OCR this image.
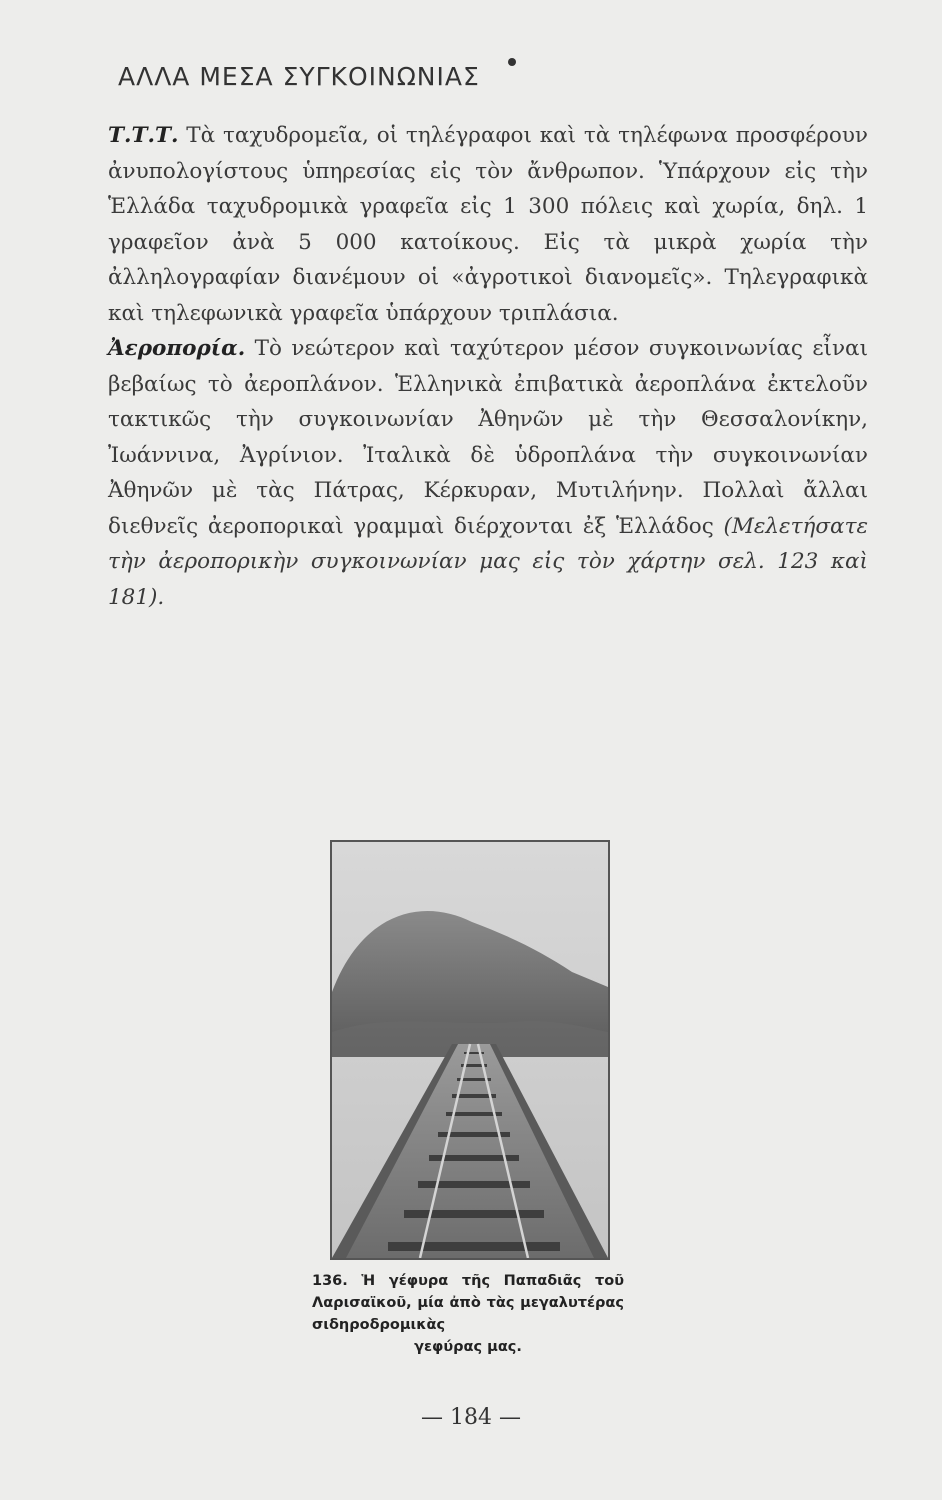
ΑΛΛΑ ΜΕΣΑ ΣΥΓΚΟΙΝΩΝΙΑΣ

Τ.Τ.Τ. Τὰ ταχυδρομεῖα, οἱ τηλέγραφοι καὶ τὰ τηλέφωνα προσφέρουν ἀνυπολογίστους ὑπηρεσίας εἰς τὸν ἄνθρωπον. Ὑπάρχουν εἰς τὴν Ἑλλάδα ταχυδρομικὰ γραφεῖα εἰς 1 300 πόλεις καὶ χωρία, δηλ. 1 γραφεῖον ἀνὰ 5 000 κατοίκους. Εἰς τὰ μικρὰ χωρία τὴν ἀλληλογραφίαν διανέμουν οἱ «ἀγροτικοὶ διανομεῖς». Τηλεγραφικὰ καὶ τηλεφωνικὰ γραφεῖα ὑπάρχουν τριπλάσια.

Ἀεροπορία. Τὸ νεώτερον καὶ ταχύτερον μέσον συγκοινωνίας εἶναι βεβαίως τὸ ἀεροπλάνον. Ἑλληνικὰ ἐπιβατικὰ ἀεροπλάνα ἐκτελοῦν τακτικῶς τὴν συγκοινωνίαν Ἀθηνῶν μὲ τὴν Θεσσαλονίκην, Ἰωάννινα, Ἀγρίνιον. Ἰταλικὰ δὲ ὑδροπλάνα τὴν συγκοινωνίαν Ἀθηνῶν μὲ τὰς Πάτρας, Κέρκυραν, Μυτιλήνην. Πολλαὶ ἄλλαι διεθνεῖς ἀεροπορικαὶ γραμμαὶ διέρχονται ἐξ Ἑλλάδος (Μελετήσατε τὴν ἀεροπορικὴν συγκοινωνίαν μας εἰς τὸν χάρτην σελ. 123 καὶ 181).

136. Ἡ γέφυρα τῆς Παπαδιᾶς τοῦ Λαρισαϊκοῦ, μία ἀπὸ τὰς μεγαλυτέρας σιδηροδρομικὰς
γεφύρας μας.
— 184 —
